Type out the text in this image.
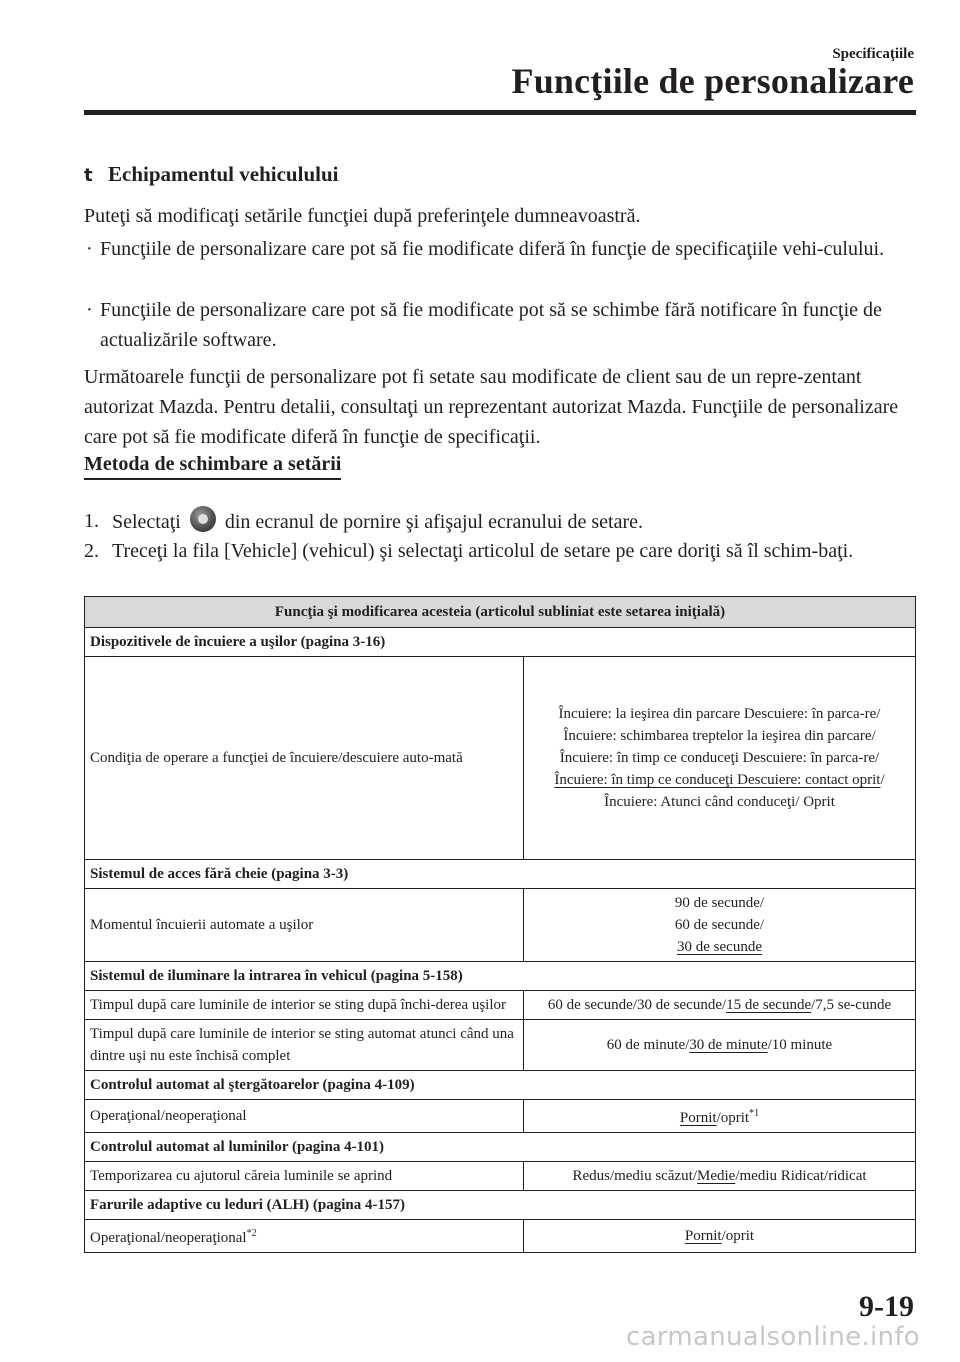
Specificaţiile
Funcţiile de personalizare
t Echipamentul vehiculului
Puteţi să modificaţi setările funcţiei după preferinţele dumneavoastră.
· Funcţiile de personalizare care pot să fie modificate diferă în funcţie de specificaţiile vehi-culului.
· Funcţiile de personalizare care pot să fie modificate pot să se schimbe fără notificare în funcţie de actualizările software.
Următoarele funcţii de personalizare pot fi setate sau modificate de client sau de un repre-zentant autorizat Mazda. Pentru detalii, consultaţi un reprezentant autorizat Mazda. Funcţiile de personalizare care pot să fie modificate diferă în funcţie de specificaţii.
Metoda de schimbare a setării
1. Selectaţi din ecranul de pornire şi afişajul ecranului de setare.
2. Treceţi la fila [Vehicle] (vehicul) şi selectaţi articolul de setare pe care doriţi să îl schim-baţi.
Funcţia şi modificarea acesteia (articolul subliniat este setarea iniţială)	
Dispozitivele de încuiere a uşilor (pagina 3-16)	
Condiţia de operare a funcţiei de încuiere/descuiere auto-mată	Încuiere: la ieşirea din parcare Descuiere: în parca-re/
Încuiere: schimbarea treptelor la ieşirea din parcare/
Încuiere: în timp ce conduceţi Descuiere: în parca-re/
Încuiere: în timp ce conduceţi Descuiere: contact oprit/
Încuiere: Atunci când conduceţi/ Oprit
Sistemul de acces fără cheie (pagina 3-3)	
Momentul încuierii automate a uşilor	90 de secunde/
60 de secunde/
30 de secunde
Sistemul de iluminare la intrarea în vehicul (pagina 5-158)	
Timpul după care luminile de interior se sting după închi-derea uşilor	60 de secunde/30 de secunde/15 de secunde/7,5 se-cunde
Timpul după care luminile de interior se sting automat atunci când una dintre uşi nu este închisă complet	60 de minute/30 de minute/10 minute
Controlul automat al ştergătoarelor (pagina 4-109)	
Operaţional/neoperaţional	Pornit/oprit$^{*1}$
Controlul automat al luminilor (pagina 4-101)	
Temporizarea cu ajutorul căreia luminile se aprind	Redus/mediu scăzut/Medie/mediu Ridicat/ridicat
Farurile adaptive cu leduri (ALH) (pagina 4-157)	
Operaţional/neoperaţional$^{*2}$	Pornit/oprit
9-19
carmanualsonline.info
